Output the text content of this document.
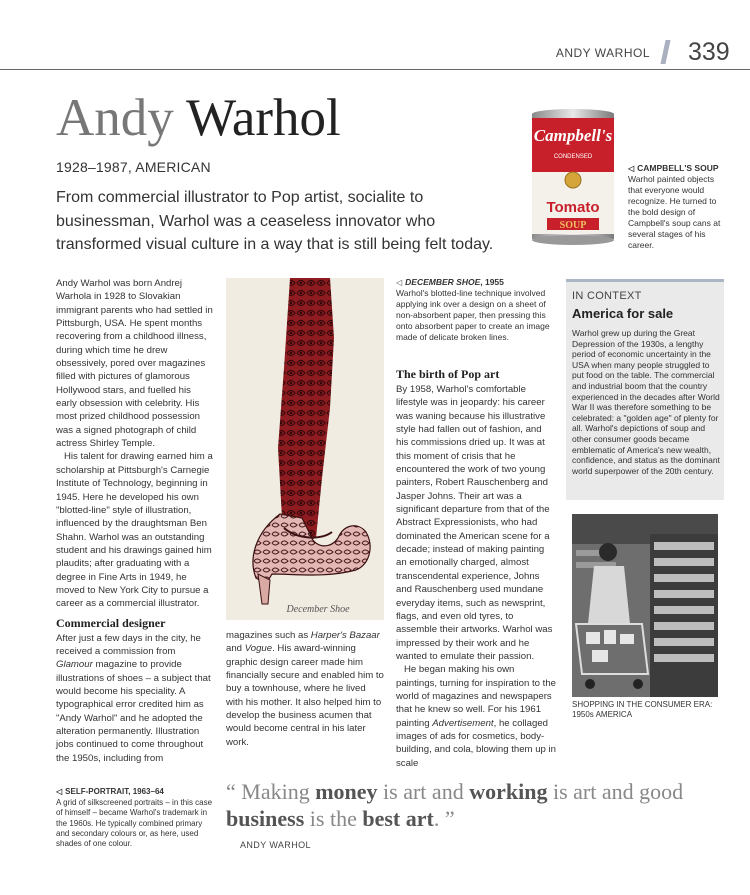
ANDY WARHOL 339
Andy Warhol
1928–1987, AMERICAN
From commercial illustrator to Pop artist, socialite to businessman, Warhol was a ceaseless innovator who transformed visual culture in a way that is still being felt today.
Campbell's
CONDENSED
Tomato
SOUP
◁ CAMPBELL'S SOUP
Warhol painted objects that everyone would recognize. He turned to the bold design of Campbell's soup cans at several stages of his career.

Andy Warhol was born Andrej Warhola in 1928 to Slovakian immigrant parents who had settled in Pittsburgh, USA. He spent months recovering from a childhood illness, during which time he drew obsessively, pored over magazines filled with pictures of glamorous Hollywood stars, and fuelled his early obsession with celebrity. His most prized childhood possession was a signed photograph of child actress Shirley Temple.

His talent for drawing earned him a scholarship at Pittsburgh's Carnegie Institute of Technology, beginning in 1945. Here he developed his own "blotted-line" style of illustration, influenced by the draughtsman Ben Shahn. Warhol was an outstanding student and his drawings gained him plaudits; after graduating with a degree in Fine Arts in 1949, he moved to New York City to pursue a career as a commercial illustrator.

Commercial designer

After just a few days in the city, he received a commission from Glamour magazine to provide illustrations of shoes – a subject that would become his speciality. A typographical error credited him as "Andy Warhol" and he adopted the alteration permanently. Illustration jobs continued to come throughout the 1950s, including from

December Shoe

magazines such as Harper's Bazaar and Vogue. His award-winning graphic design career made him financially secure and enabled him to buy a townhouse, where he lived with his mother. It also helped him to develop the business acumen that would become central in his later work.

◁ DECEMBER SHOE, 1955
Warhol's blotted-line technique involved applying ink over a design on a sheet of non-absorbent paper, then pressing this onto absorbent paper to create an image made of delicate broken lines.
The birth of Pop art

By 1958, Warhol's comfortable lifestyle was in jeopardy: his career was waning because his illustrative style had fallen out of fashion, and his commissions dried up. It was at this moment of crisis that he encountered the work of two young painters, Robert Rauschenberg and Jasper Johns. Their art was a significant departure from that of the Abstract Expressionists, who had dominated the American scene for a decade; instead of making painting an emotionally charged, almost transcendental experience, Johns and Rauschenberg used mundane everyday items, such as newsprint, flags, and even old tyres, to assemble their artworks. Warhol was impressed by their work and he wanted to emulate their passion.

He began making his own paintings, turning for inspiration to the world of magazines and newspapers that he knew so well. For his 1961 painting Advertisement, he collaged images of ads for cosmetics, body-building, and cola, blowing them up in scale

IN CONTEXT
America for sale
Warhol grew up during the Great Depression of the 1930s, a lengthy period of economic uncertainty in the USA when many people struggled to put food on the table. The commercial and industrial boom that the country experienced in the decades after World War II was therefore something to be celebrated: a "golden age" of plenty for all. Warhol's depictions of soup and other consumer goods became emblematic of America's new wealth, confidence, and status as the dominant world superpower of the 20th century.
SHOPPING IN THE CONSUMER ERA: 1950s AMERICA
◁ SELF-PORTRAIT, 1963–64
A grid of silkscreened portraits – in this case of himself – became Warhol's trademark in the 1960s. He typically combined primary and secondary colours or, as here, used shades of one colour.
“ Making money is art and working is art and good business is the best art. ”
ANDY WARHOL
